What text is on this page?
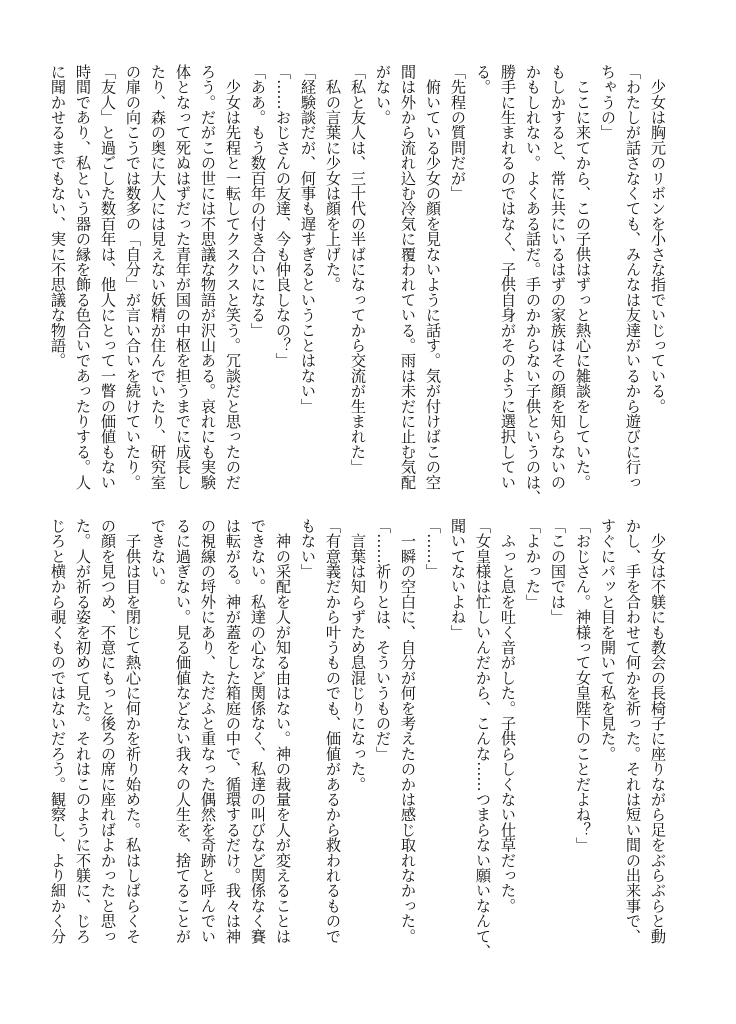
　少女は胸元のリボンを小さな指でいじっている。
「わたしが話さなくても、みんなは友達がいるから遊びに行っ
ちゃうの」
　ここに来てから、この子供はずっと熱心に雑談をしていた。
もしかすると、常に共にいるはずの家族はその顔を知らないの
かもしれない。よくある話だ。手のかからない子供というのは、
勝手に生まれるのではなく、子供自身がそのように選択してい
る。
「先程の質問だが」
　俯いている少女の顔を見ないように話す。気が付けばこの空
間は外から流れ込む冷気に覆われている。雨は未だに止む気配
がない。
「私と友人は、三十代の半ばになってから交流が生まれた」
　私の言葉に少女は顔を上げた。
「経験談だが、何事も遅すぎるということはない」
「……おじさんの友達、今も仲良しなの？」
「ああ。もう数百年の付き合いになる」
　少女は先程と一転してクスクスと笑う。冗談だと思ったのだ
ろう。だがこの世には不思議な物語が沢山ある。哀れにも実験
体となって死ぬはずだった青年が国の中枢を担うまでに成長し
たり、森の奥に大人には見えない妖精が住んでいたり、研究室
の扉の向こうでは数多の「自分」が言い合いを続けていたり。
「友人」と過ごした数百年は、他人にとって一瞥の価値もない
時間であり、私という器の縁を飾る色合いであったりする。人
に聞かせるまでもない、実に不思議な物語。
　少女は不躾にも教会の長椅子に座りながら足をぶらぶらと動
かし、手を合わせて何かを祈った。それは短い間の出来事で、
すぐにパッと目を開いて私を見た。
「おじさん。神様って女皇陛下のことだよね？」
「この国では」
「よかった」
　ふっと息を吐く音がした。子供らしくない仕草だった。
「女皇様は忙しいんだから、こんな……つまらない願いなんて、
聞いてないよね」
「……」
　一瞬の空白に、自分が何を考えたのかは感じ取れなかった。
「……祈りとは、そういうものだ」
　言葉は知らずため息混じりになった。
「有意義だから叶うものでも、価値があるから救われるもので
もない」
　神の采配を人が知る由はない。神の裁量を人が変えることは
できない。私達の心など関係なく、私達の叫びなど関係なく賽
は転がる。神が蓋をした箱庭の中で、循環するだけ。我々は神
の視線の埒外にあり、ただふと重なった偶然を奇跡と呼んでい
るに過ぎない。見る価値などない我々の人生を、捨てることが
できない。
　子供は目を閉じて熱心に何かを祈り始めた。私はしばらくそ
の顔を見つめ、不意にもっと後ろの席に座ればよかったと思っ
た。人が祈る姿を初めて見た。それはこのように不躾に、じろ
じろと横から覗くものではないだろう。観察し、より細かく分
